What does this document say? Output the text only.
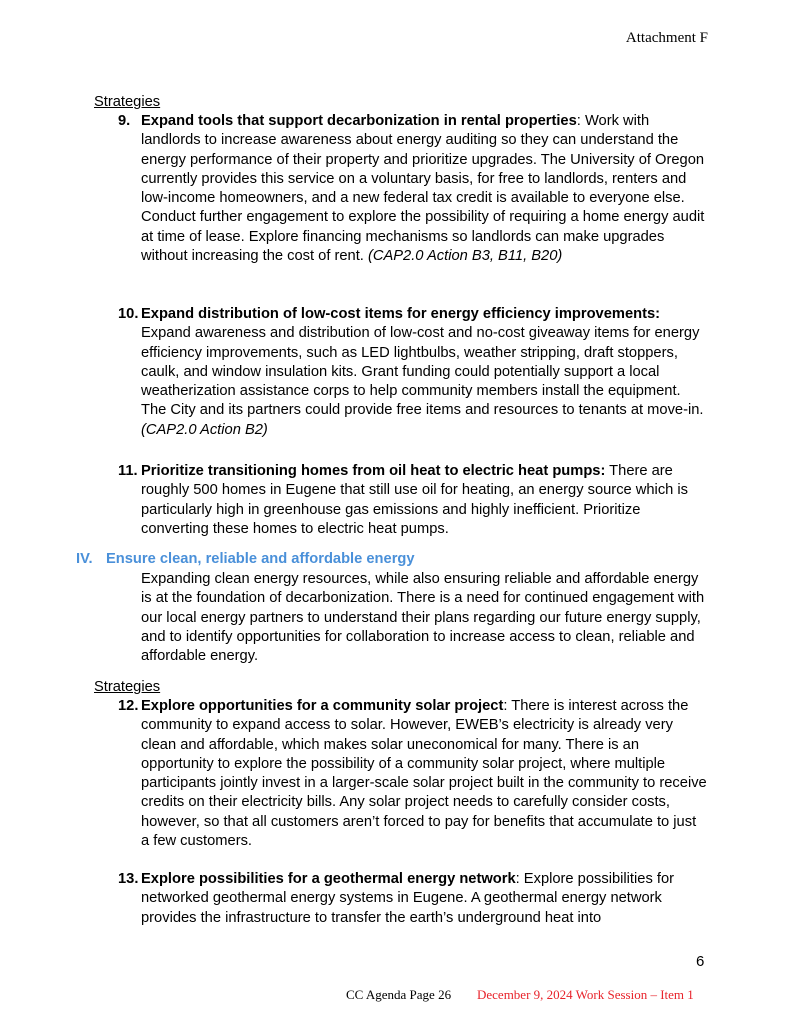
Attachment F
Strategies
9. Expand tools that support decarbonization in rental properties: Work with landlords to increase awareness about energy auditing so they can understand the energy performance of their property and prioritize upgrades. The University of Oregon currently provides this service on a voluntary basis, for free to landlords, renters and low-income homeowners, and a new federal tax credit is available to everyone else. Conduct further engagement to explore the possibility of requiring a home energy audit at time of lease. Explore financing mechanisms so landlords can make upgrades without increasing the cost of rent. (CAP2.0 Action B3, B11, B20)
10. Expand distribution of low-cost items for energy efficiency improvements: Expand awareness and distribution of low-cost and no-cost giveaway items for energy efficiency improvements, such as LED lightbulbs, weather stripping, draft stoppers, caulk, and window insulation kits. Grant funding could potentially support a local weatherization assistance corps to help community members install the equipment. The City and its partners could provide free items and resources to tenants at move-in. (CAP2.0 Action B2)
11. Prioritize transitioning homes from oil heat to electric heat pumps: There are roughly 500 homes in Eugene that still use oil for heating, an energy source which is particularly high in greenhouse gas emissions and highly inefficient. Prioritize converting these homes to electric heat pumps.
IV. Ensure clean, reliable and affordable energy
Expanding clean energy resources, while also ensuring reliable and affordable energy is at the foundation of decarbonization. There is a need for continued engagement with our local energy partners to understand their plans regarding our future energy supply, and to identify opportunities for collaboration to increase access to clean, reliable and affordable energy.
Strategies
12. Explore opportunities for a community solar project: There is interest across the community to expand access to solar. However, EWEB’s electricity is already very clean and affordable, which makes solar uneconomical for many. There is an opportunity to explore the possibility of a community solar project, where multiple participants jointly invest in a larger-scale solar project built in the community to receive credits on their electricity bills. Any solar project needs to carefully consider costs, however, so that all customers aren’t forced to pay for benefits that accumulate to just a few customers.
13. Explore possibilities for a geothermal energy network: Explore possibilities for networked geothermal energy systems in Eugene. A geothermal energy network provides the infrastructure to transfer the earth’s underground heat into
6
CC Agenda Page 26 December 9, 2024 Work Session – Item 1
